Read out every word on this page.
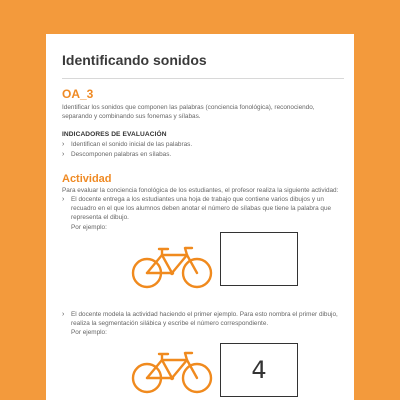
Identificando sonidos
OA_3

Identificar los sonidos que componen las palabras (conciencia fonológica), reconociendo, separando y combinando sus fonemas y sílabas.

INDICADORES DE EVALUACIÓN
› Identifican el sonido inicial de las palabras.
› Descomponen palabras en sílabas.
Actividad

Para evaluar la conciencia fonológica de los estudiantes, el profesor realiza la siguiente actividad:

› El docente entrega a los estudiantes una hoja de trabajo que contiene varios dibujos y un recuadro en el que los alumnos deben anotar el número de sílabas que tiene la palabra que representa el dibujo.
Por ejemplo:
› El docente modela la actividad haciendo el primer ejemplo. Para esto nombra el primer dibujo, realiza la segmentación silábica y escribe el número correspondiente.
Por ejemplo:
4
